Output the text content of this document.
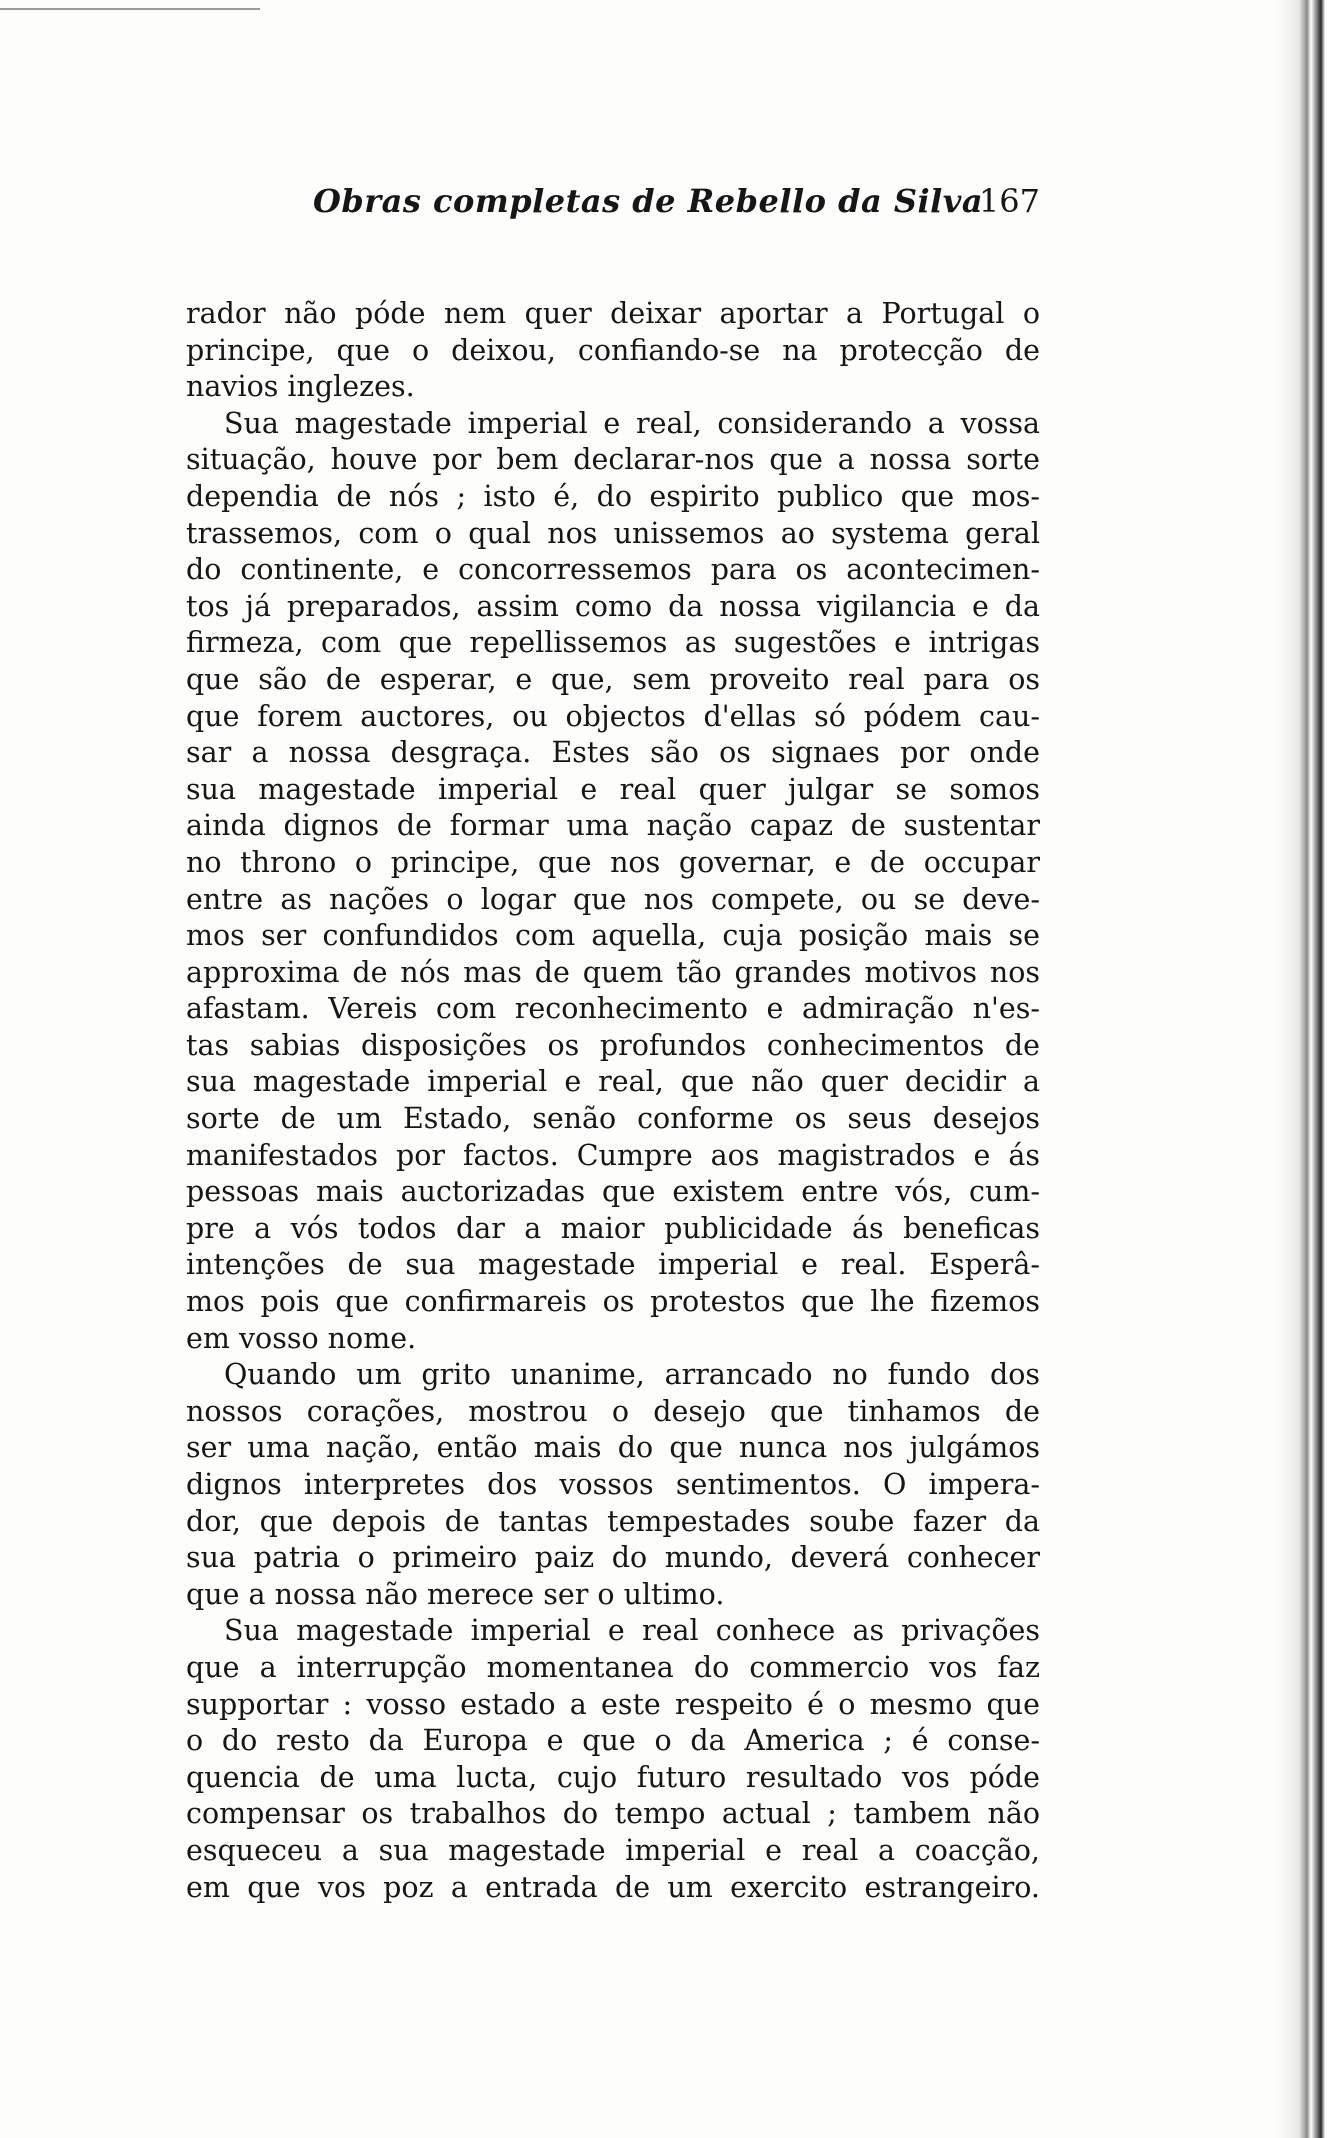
Obras completas de Rebello da Silva
167
rador não póde nem quer deixar aportar a Portugal o
principe, que o deixou, confiando-se na protecção de
navios inglezes.
Sua magestade imperial e real, considerando a vossa
situação, houve por bem declarar-nos que a nossa sorte
dependia de nós ; isto é, do espirito publico que mos-
trassemos, com o qual nos unissemos ao systema geral
do continente, e concorressemos para os acontecimen-
tos já preparados, assim como da nossa vigilancia e da
firmeza, com que repellissemos as sugestões e intrigas
que são de esperar, e que, sem proveito real para os
que forem auctores, ou objectos d'ellas só pódem cau-
sar a nossa desgraça. Estes são os signaes por onde
sua magestade imperial e real quer julgar se somos
ainda dignos de formar uma nação capaz de sustentar
no throno o principe, que nos governar, e de occupar
entre as nações o logar que nos compete, ou se deve-
mos ser confundidos com aquella, cuja posição mais se
approxima de nós mas de quem tão grandes motivos nos
afastam. Vereis com reconhecimento e admiração n'es-
tas sabias disposições os profundos conhecimentos de
sua magestade imperial e real, que não quer decidir a
sorte de um Estado, senão conforme os seus desejos
manifestados por factos. Cumpre aos magistrados e ás
pessoas mais auctorizadas que existem entre vós, cum-
pre a vós todos dar a maior publicidade ás beneficas
intenções de sua magestade imperial e real. Esperâ-
mos pois que confirmareis os protestos que lhe fizemos
em vosso nome.
Quando um grito unanime, arrancado no fundo dos
nossos corações, mostrou o desejo que tinhamos de
ser uma nação, então mais do que nunca nos julgámos
dignos interpretes dos vossos sentimentos. O impera-
dor, que depois de tantas tempestades soube fazer da
sua patria o primeiro paiz do mundo, deverá conhecer
que a nossa não merece ser o ultimo.
Sua magestade imperial e real conhece as privações
que a interrupção momentanea do commercio vos faz
supportar : vosso estado a este respeito é o mesmo que
o do resto da Europa e que o da America ; é conse-
quencia de uma lucta, cujo futuro resultado vos póde
compensar os trabalhos do tempo actual ; tambem não
esqueceu a sua magestade imperial e real a coacção,
em que vos poz a entrada de um exercito estrangeiro.
